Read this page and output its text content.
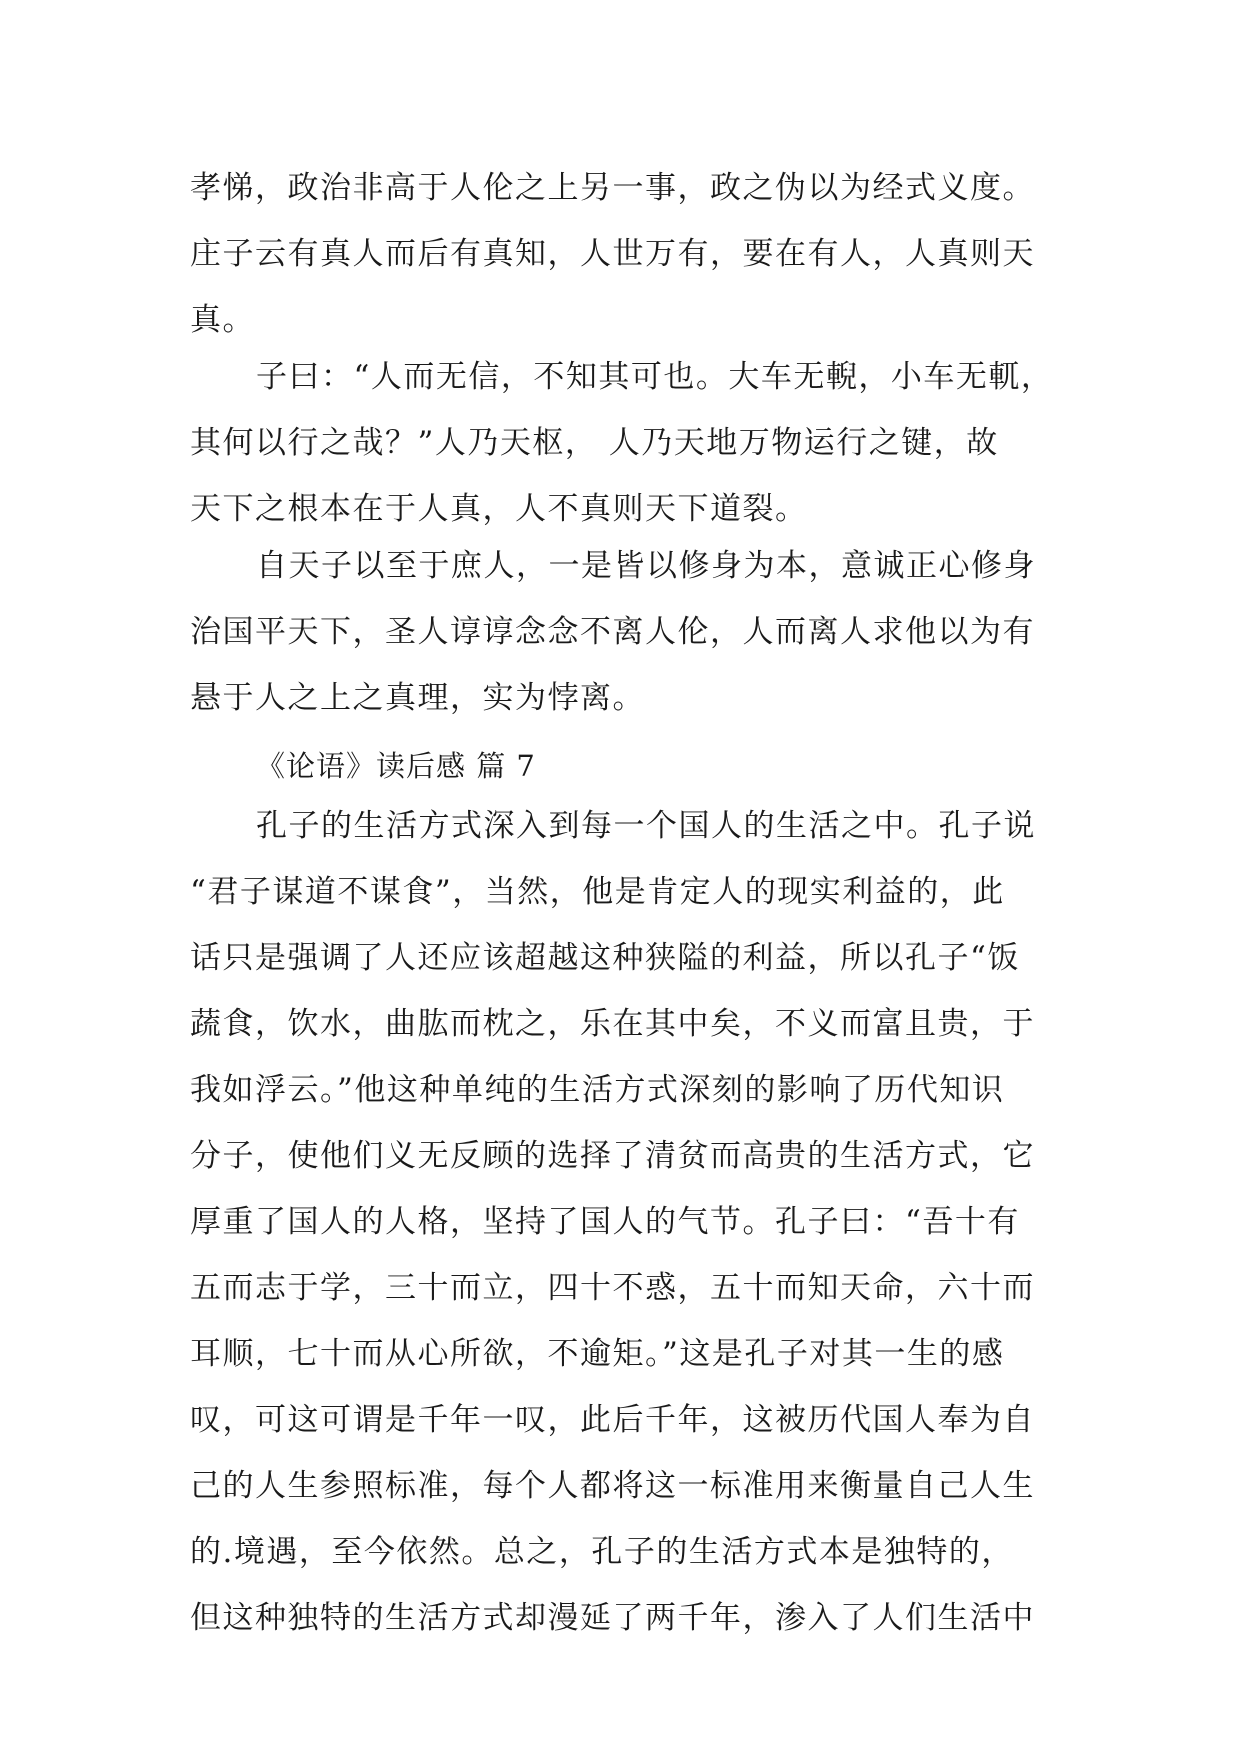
孝悌，政治非高于人伦之上另一事，政之伪以为经式义度。
庄子云有真人而后有真知，人世万有，要在有人，人真则天
真。
子曰：“人而无信，不知其可也。大车无輗，小车无軏，
其何以行之哉？”人乃天枢， 人乃天地万物运行之键，故
天下之根本在于人真，人不真则天下道裂。
自天子以至于庶人，一是皆以修身为本，意诚正心修身
治国平天下，圣人谆谆念念不离人伦，人而离人求他以为有
悬于人之上之真理，实为悖离。
《论语》读后感 篇 7
孔子的生活方式深入到每一个国人的生活之中。孔子说
“君子谋道不谋食”，当然，他是肯定人的现实利益的，此
话只是强调了人还应该超越这种狭隘的利益，所以孔子“饭
蔬食，饮水，曲肱而枕之，乐在其中矣，不义而富且贵，于
我如浮云。”他这种单纯的生活方式深刻的影响了历代知识
分子，使他们义无反顾的选择了清贫而高贵的生活方式，它
厚重了国人的人格，坚持了国人的气节。孔子曰：“吾十有
五而志于学，三十而立，四十不惑，五十而知天命，六十而
耳顺，七十而从心所欲，不逾矩。”这是孔子对其一生的感
叹，可这可谓是千年一叹，此后千年，这被历代国人奉为自
己的人生参照标准，每个人都将这一标准用来衡量自己人生
的.境遇，至今依然。总之，孔子的生活方式本是独特的，
但这种独特的生活方式却漫延了两千年，渗入了人们生活中
